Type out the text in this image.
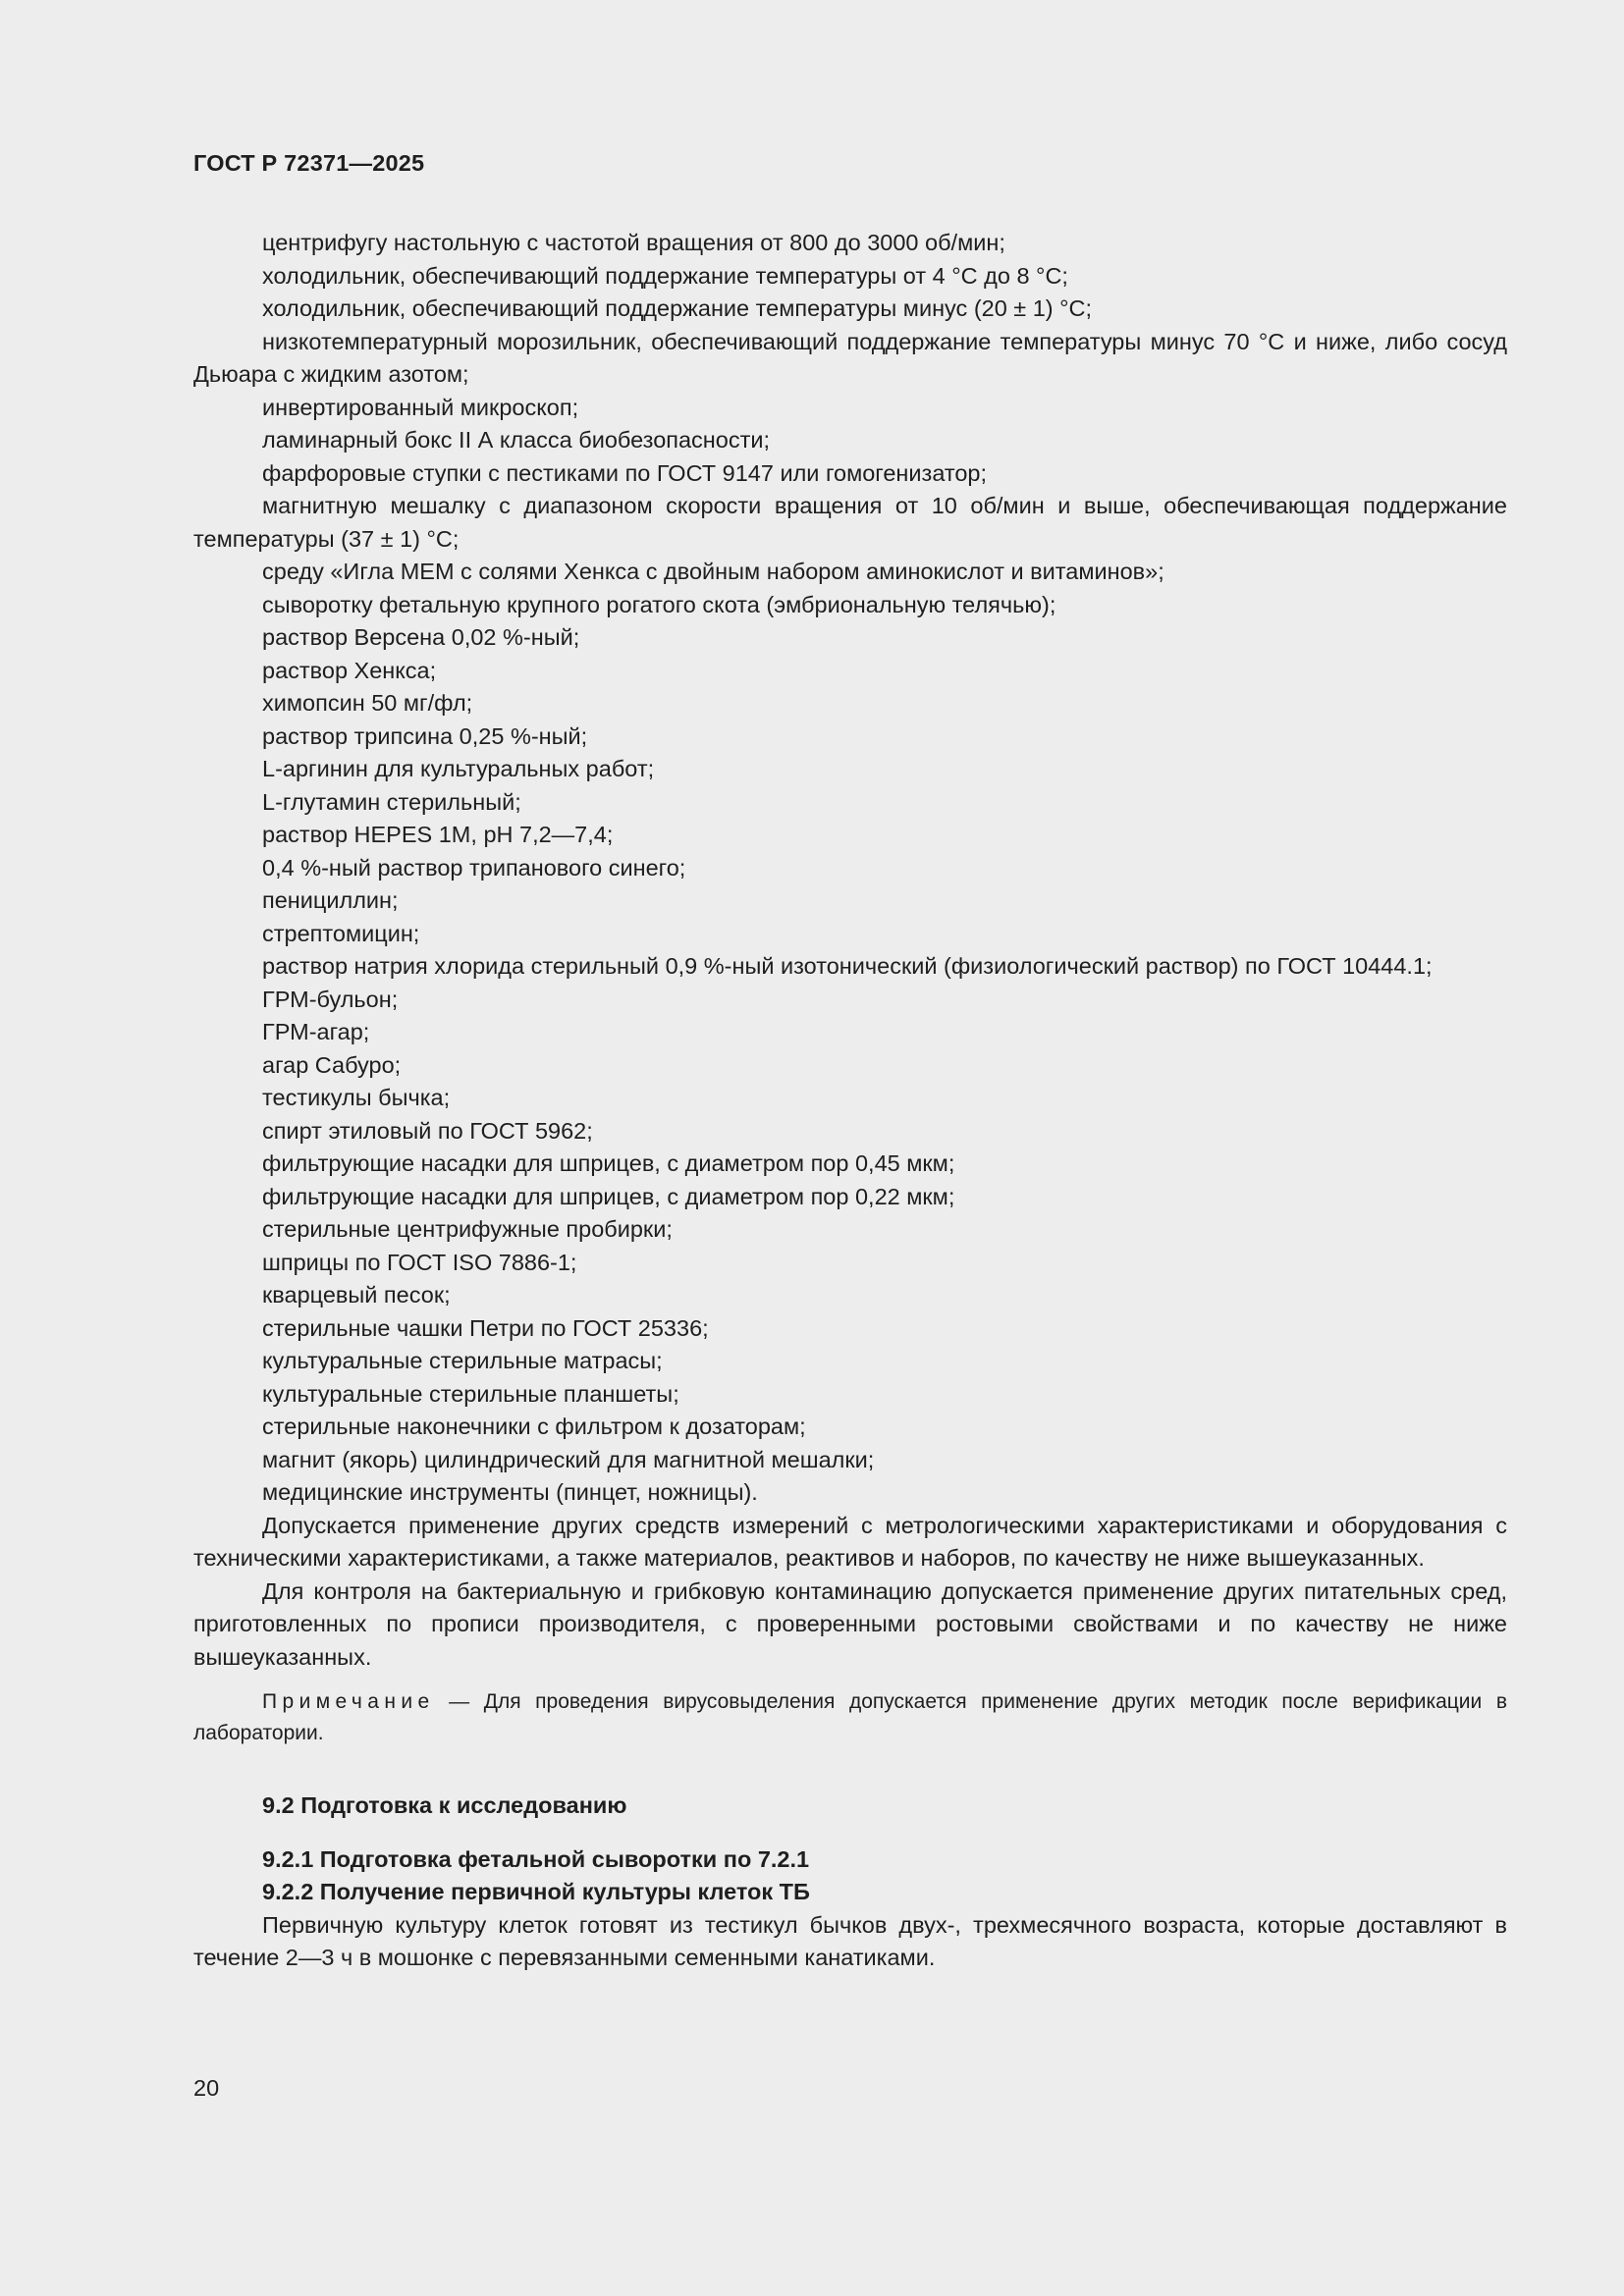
ГОСТ Р 72371—2025

центрифугу настольную с частотой вращения от 800 до 3000 об/мин;

холодильник, обеспечивающий поддержание температуры от 4 °С до 8 °С;

холодильник, обеспечивающий поддержание температуры минус (20 ± 1) °С;

низкотемпературный морозильник, обеспечивающий поддержание температуры минус 70 °С и ниже, либо сосуд Дьюара с жидким азотом;

инвертированный микроскоп;

ламинарный бокс II А класса биобезопасности;

фарфоровые ступки с пестиками по ГОСТ 9147 или гомогенизатор;

магнитную мешалку с диапазоном скорости вращения от 10 об/мин и выше, обеспечивающая поддержание температуры (37 ± 1) °С;

среду «Игла МЕМ с солями Хенкса с двойным набором аминокислот и витаминов»;

сыворотку фетальную крупного рогатого скота (эмбриональную телячью);

раствор Версена 0,02 %-ный;

раствор Хенкса;

химопсин 50 мг/фл;

раствор трипсина 0,25 %-ный;

L-аргинин для культуральных работ;

L-глутамин стерильный;

раствор HEPES 1M, pH 7,2—7,4;

0,4 %-ный раствор трипанового синего;

пенициллин;

стрептомицин;

раствор натрия хлорида стерильный 0,9 %-ный изотонический (физиологический раствор) по ГОСТ 10444.1;

ГРМ-бульон;

ГРМ-агар;

агар Сабуро;

тестикулы бычка;

спирт этиловый по ГОСТ 5962;

фильтрующие насадки для шприцев, с диаметром пор 0,45 мкм;

фильтрующие насадки для шприцев, с диаметром пор 0,22 мкм;

стерильные центрифужные пробирки;

шприцы по ГОСТ ISO 7886-1;

кварцевый песок;

стерильные чашки Петри по ГОСТ 25336;

культуральные стерильные матрасы;

культуральные стерильные планшеты;

стерильные наконечники с фильтром к дозаторам;

магнит (якорь) цилиндрический для магнитной мешалки;

медицинские инструменты (пинцет, ножницы).

Допускается применение других средств измерений с метрологическими характеристиками и оборудования с техническими характеристиками, а также материалов, реактивов и наборов, по качеству не ниже вышеуказанных.

Для контроля на бактериальную и грибковую контаминацию допускается применение других питательных сред, приготовленных по прописи производителя, с проверенными ростовыми свойствами и по качеству не ниже вышеуказанных.

Примечание — Для проведения вирусовыделения допускается применение других методик после верификации в лаборатории.

9.2 Подготовка к исследованию

9.2.1 Подготовка фетальной сыворотки по 7.2.1

9.2.2 Получение первичной культуры клеток ТБ

Первичную культуру клеток готовят из тестикул бычков двух-, трехмесячного возраста, которые доставляют в течение 2—3 ч в мошонке с перевязанными семенными канатиками.

20
